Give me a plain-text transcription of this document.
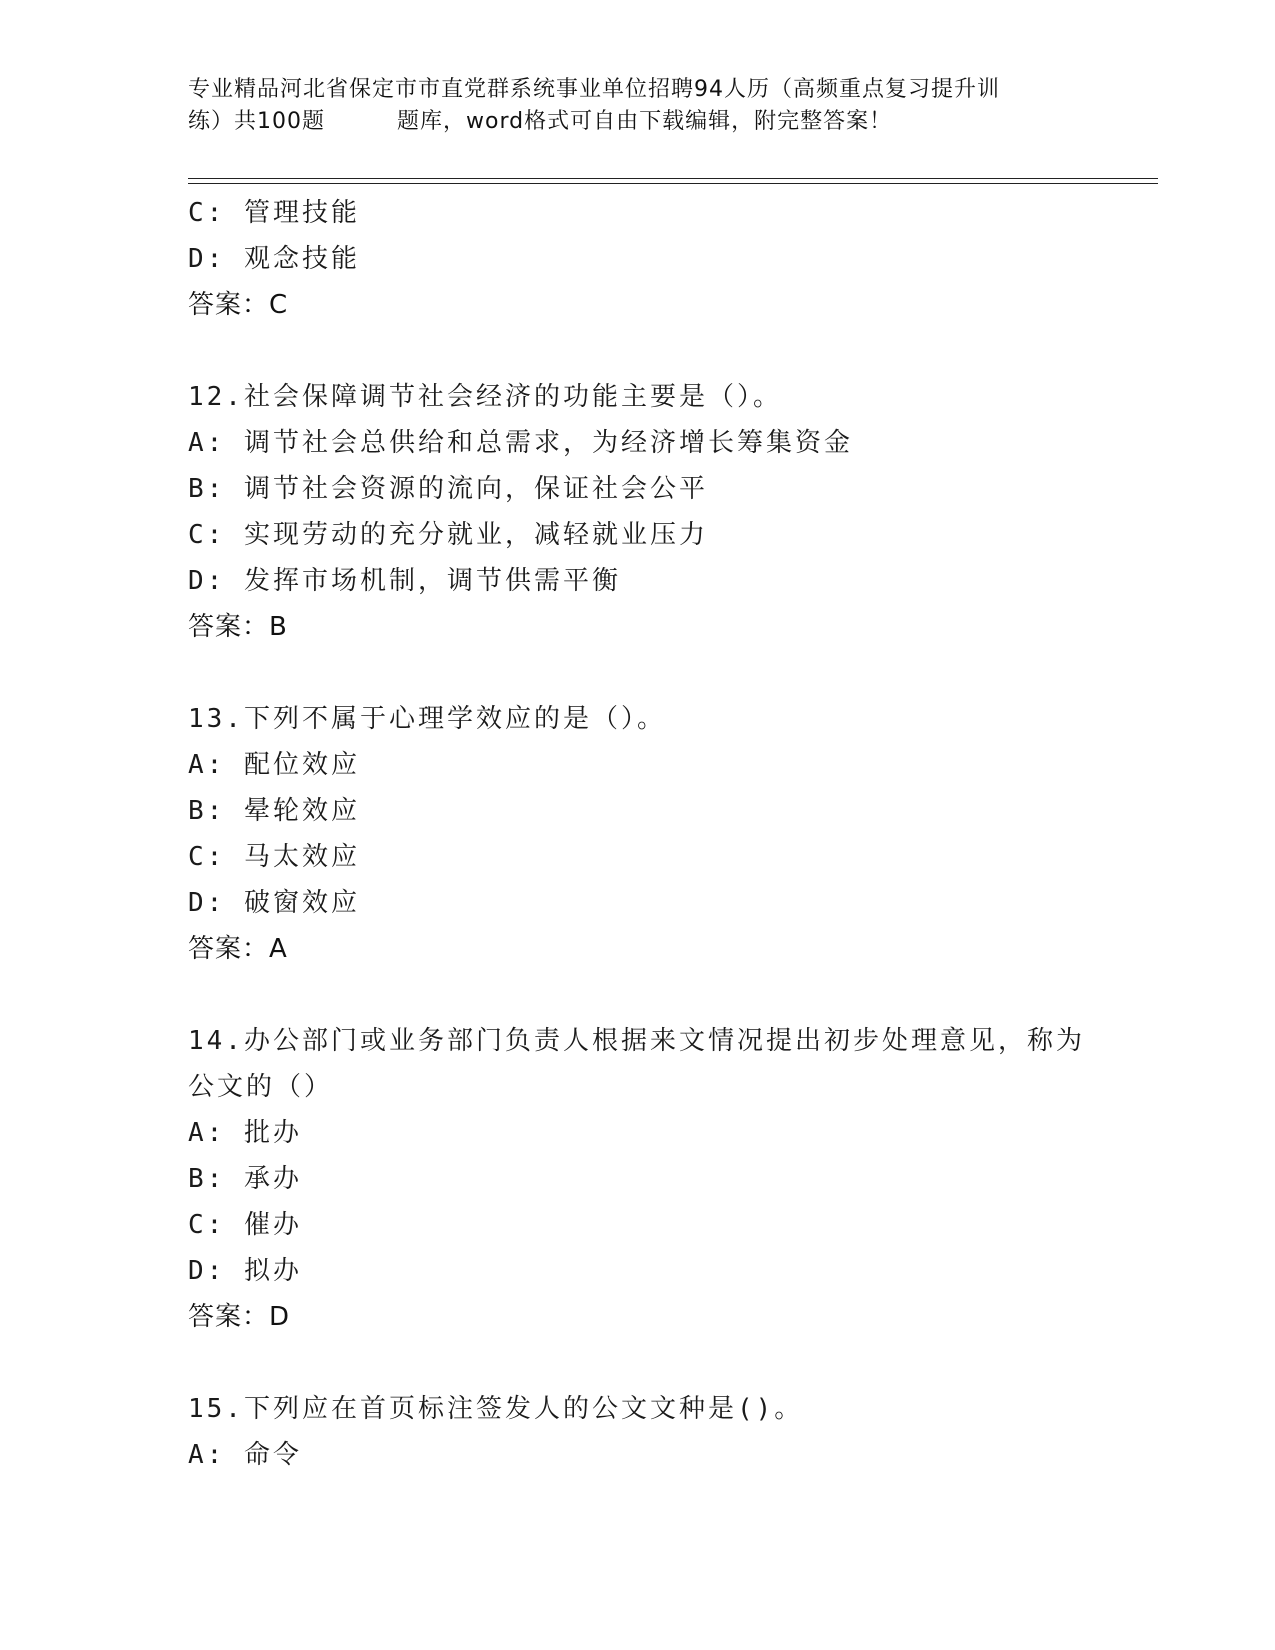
专业精品河北省保定市市直党群系统事业单位招聘94人历（高频重点复习提升训
练）共100题	题库，word格式可自由下载编辑，附完整答案！
C: 管理技能
D: 观念技能
答案：C
12.社会保障调节社会经济的功能主要是（）。
A: 调节社会总供给和总需求，为经济增长筹集资金
B: 调节社会资源的流向，保证社会公平
C: 实现劳动的充分就业，减轻就业压力
D: 发挥市场机制，调节供需平衡
答案：B
13.下列不属于心理学效应的是（）。
A: 配位效应
B: 晕轮效应
C: 马太效应
D: 破窗效应
答案：A
14.办公部门或业务部门负责人根据来文情况提出初步处理意见，称为
公文的（）
A: 批办
B: 承办
C: 催办
D: 拟办
答案：D
15.下列应在首页标注签发人的公文文种是()。
A: 命令
